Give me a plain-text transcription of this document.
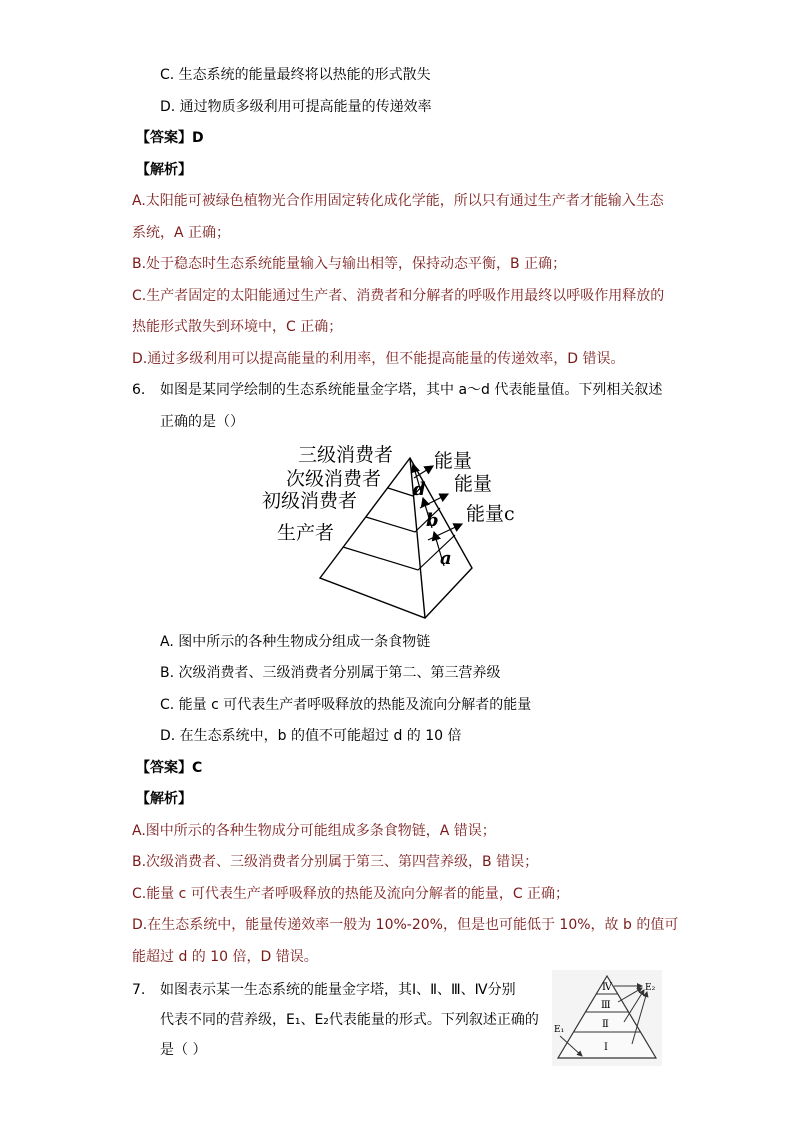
C. 生态系统的能量最终将以热能的形式散失
D. 通过物质多级利用可提高能量的传递效率
【答案】D
【解析】
A.太阳能可被绿色植物光合作用固定转化成化学能，所以只有通过生产者才能输入生态
系统，A 正确；
B.处于稳态时生态系统能量输入与输出相等，保持动态平衡，B 正确；
C.生产者固定的太阳能通过生产者、消费者和分解者的呼吸作用最终以呼吸作用释放的
热能形式散失到环境中，C 正确；
D.通过多级利用可以提高能量的利用率，但不能提高能量的传递效率，D 错误。
6. 如图是某同学绘制的生态系统能量金字塔，其中 a～d 代表能量值。下列相关叙述
正确的是（）
三级消费者
次级消费者
初级消费者
生产者
能量
能量
能量c
a
b
d
A. 图中所示的各种生物成分组成一条食物链
B. 次级消费者、三级消费者分别属于第二、第三营养级
C. 能量 c 可代表生产者呼吸释放的热能及流向分解者的能量
D. 在生态系统中，b 的值不可能超过 d 的 10 倍
【答案】C
【解析】
A.图中所示的各种生物成分可能组成多条食物链，A 错误；
B.次级消费者、三级消费者分别属于第三、第四营养级，B 错误；
C.能量 c 可代表生产者呼吸释放的热能及流向分解者的能量，C 正确；
D.在生态系统中，能量传递效率一般为 10%-20%，但是也可能低于 10%，故 b 的值可
能超过 d 的 10 倍，D 错误。
7. 如图表示某一生态系统的能量金字塔，其Ⅰ、Ⅱ、Ⅲ、Ⅳ分别
代表不同的营养级，E₁、E₂代表能量的形式。下列叙述正确的
是（ ）
Ⅳ
Ⅲ
Ⅱ
Ⅰ
E₁
E₂
